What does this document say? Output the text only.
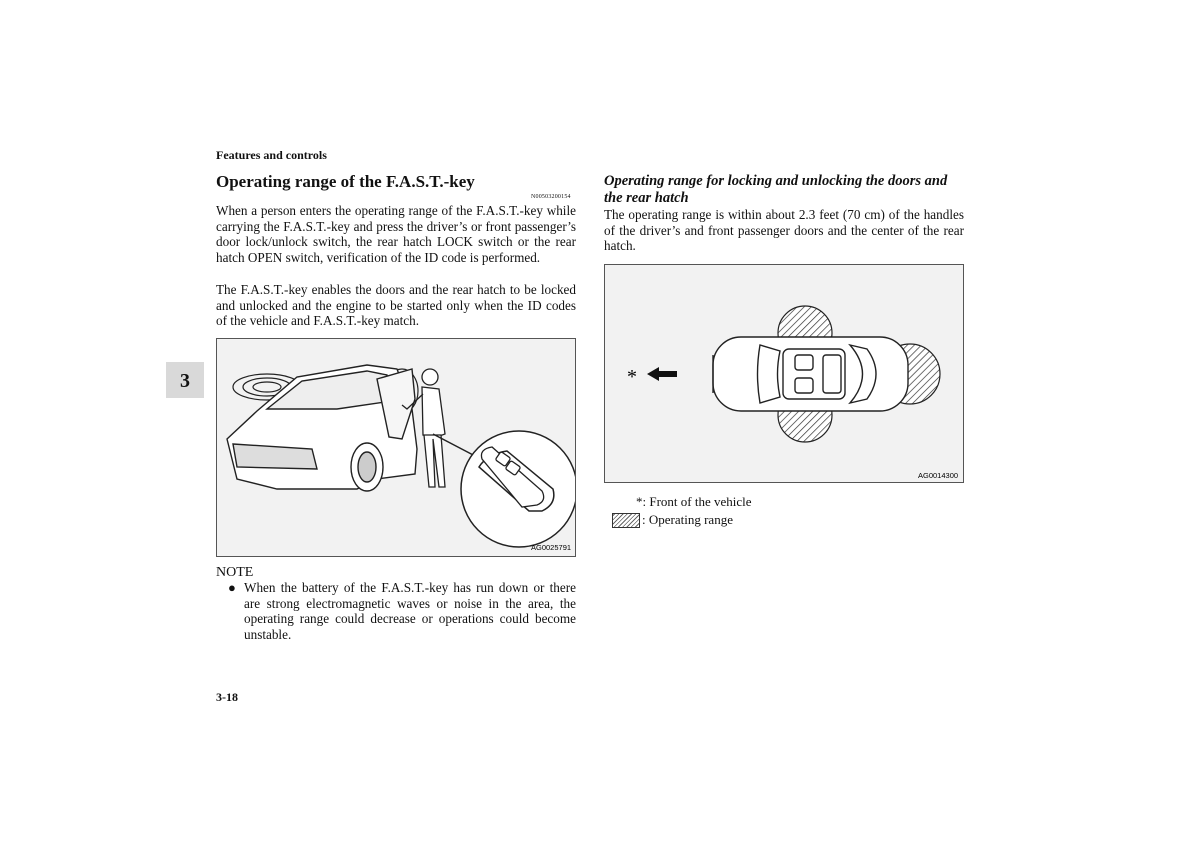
Features and controls
3
Operating range of the F.A.S.T.-key
N00503200154
When a person enters the operating range of the F.A.S.T.-key while carrying the F.A.S.T.-key and press the driver’s or front passenger’s door lock/unlock switch, the rear hatch LOCK switch or the rear hatch OPEN switch, verification of the ID code is performed.
The F.A.S.T.-key enables the doors and the rear hatch to be locked and unlocked and the engine to be started only when the ID codes of the vehicle and F.A.S.T.-key match.
AG0025791
NOTE
● When the battery of the F.A.S.T.-key has run down or there are strong electromagnetic waves or noise in the area, the operating range could decrease or operations could become unstable.
3-18
Operating range for locking and unlocking the doors and the rear hatch
The operating range is within about 2.3 feet (70 cm) of the handles of the driver’s and front passenger doors and the center of the rear hatch.
*
AG0014300
*: Front of the vehicle
: Operating range
